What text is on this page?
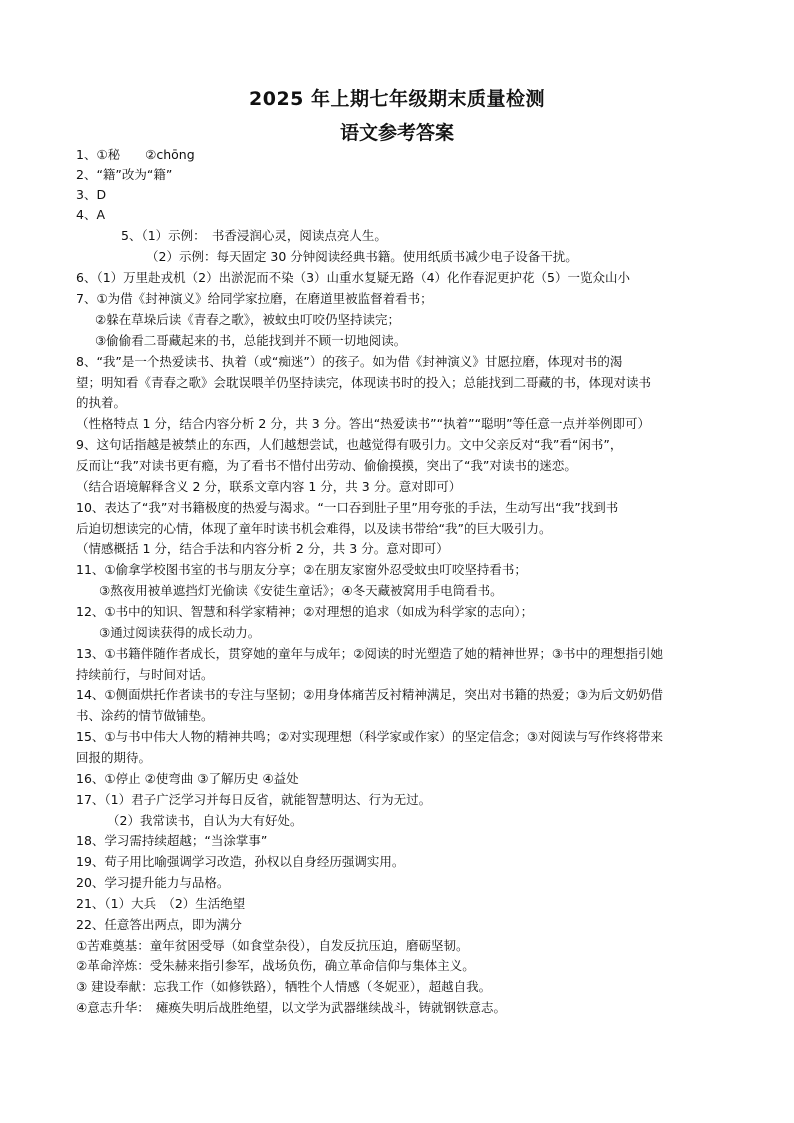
2025 年上期七年级期末质量检测
语文参考答案
1、①秘　　②chōng
2、“籍”改为“籍”
3、D
4、A
5、（1）示例：　书香浸润心灵，阅读点亮人生。
（2）示例：每天固定 30 分钟阅读经典书籍。使用纸质书减少电子设备干扰。
6、（1）万里赴戎机（2）出淤泥而不染（3）山重水复疑无路（4）化作春泥更护花（5）一览众山小
7、①为借《封神演义》给同学家拉磨，在磨道里被监督着看书；
②躲在草垛后读《青春之歌》，被蚊虫叮咬仍坚持读完；
③偷偷看二哥藏起来的书，总能找到并不顾一切地阅读。
8、“我”是一个热爱读书、执着（或“痴迷”）的孩子。如为借《封神演义》甘愿拉磨，体现对书的渴
望；明知看《青春之歌》会耽误喂羊仍坚持读完，体现读书时的投入；总能找到二哥藏的书，体现对读书
的执着。
（性格特点 1 分，结合内容分析 2 分，共 3 分。答出“热爱读书”“执着”“聪明”等任意一点并举例即可）
9、这句话指越是被禁止的东西，人们越想尝试，也越觉得有吸引力。文中父亲反对“我”看“闲书”，
反而让“我”对读书更有瘾，为了看书不惜付出劳动、偷偷摸摸，突出了“我”对读书的迷恋。
（结合语境解释含义 2 分，联系文章内容 1 分，共 3 分。意对即可）
10、表达了“我”对书籍极度的热爱与渴求。“一口吞到肚子里”用夸张的手法，生动写出“我”找到书
后迫切想读完的心情，体现了童年时读书机会难得，以及读书带给“我”的巨大吸引力。
（情感概括 1 分，结合手法和内容分析 2 分，共 3 分。意对即可）
11、①偷拿学校图书室的书与朋友分享；②在朋友家窗外忍受蚊虫叮咬坚持看书；
③熬夜用被单遮挡灯光偷读《安徒生童话》；④冬天藏被窝用手电筒看书。
12、①书中的知识、智慧和科学家精神；②对理想的追求（如成为科学家的志向）；
③通过阅读获得的成长动力。
13、①书籍伴随作者成长，贯穿她的童年与成年；②阅读的时光塑造了她的精神世界；③书中的理想指引她
持续前行，与时间对话。
14、①侧面烘托作者读书的专注与坚韧；②用身体痛苦反衬精神满足，突出对书籍的热爱；③为后文奶奶借
书、涂药的情节做铺垫。
15、①与书中伟大人物的精神共鸣；②对实现理想（科学家或作家）的坚定信念；③对阅读与写作终将带来
回报的期待。
16、①停止 ②使弯曲 ③了解历史 ④益处
17、（1）君子广泛学习并每日反省，就能智慧明达、行为无过。
（2）我常读书，自认为大有好处。
18、学习需持续超越；“当涂掌事”
19、荀子用比喻强调学习改造，孙权以自身经历强调实用。
20、学习提升能力与品格。
21、（1）大兵　（2）生活绝望
22、任意答出两点，即为满分
①苦难奠基：童年贫困受辱（如食堂杂役），自发反抗压迫，磨砺坚韧。
②革命淬炼：受朱赫来指引参军，战场负伤，确立革命信仰与集体主义。
③ 建设奉献：忘我工作（如修铁路），牺牲个人情感（冬妮亚），超越自我。
④意志升华：　瘫痪失明后战胜绝望，以文学为武器继续战斗，铸就钢铁意志。
